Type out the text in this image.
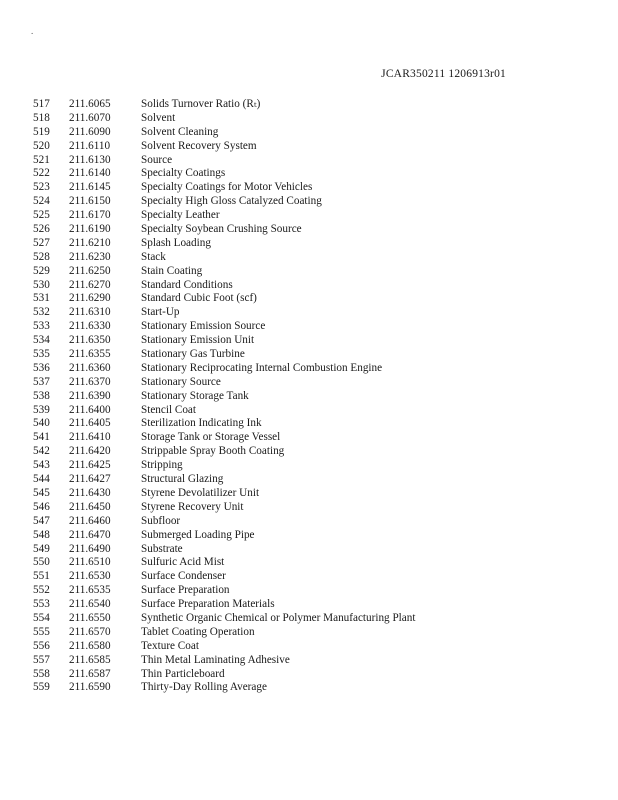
.
JCAR350211 1206913r01
517 211.6065	Solids Turnover Ratio (Rₜ)
518 211.6070	Solvent
519 211.6090	Solvent Cleaning
520 211.6110	Solvent Recovery System
521 211.6130	Source
522 211.6140	Specialty Coatings
523 211.6145	Specialty Coatings for Motor Vehicles
524 211.6150	Specialty High Gloss Catalyzed Coating
525 211.6170	Specialty Leather
526 211.6190	Specialty Soybean Crushing Source
527 211.6210	Splash Loading
528 211.6230	Stack
529 211.6250	Stain Coating
530 211.6270	Standard Conditions
531 211.6290	Standard Cubic Foot (scf)
532 211.6310	Start-Up
533 211.6330	Stationary Emission Source
534 211.6350	Stationary Emission Unit
535 211.6355	Stationary Gas Turbine
536 211.6360	Stationary Reciprocating Internal Combustion Engine
537 211.6370	Stationary Source
538 211.6390	Stationary Storage Tank
539 211.6400	Stencil Coat
540 211.6405	Sterilization Indicating Ink
541 211.6410	Storage Tank or Storage Vessel
542 211.6420	Strippable Spray Booth Coating
543 211.6425	Stripping
544 211.6427	Structural Glazing
545 211.6430	Styrene Devolatilizer Unit
546 211.6450	Styrene Recovery Unit
547 211.6460	Subfloor
548 211.6470	Submerged Loading Pipe
549 211.6490	Substrate
550 211.6510	Sulfuric Acid Mist
551 211.6530	Surface Condenser
552 211.6535	Surface Preparation
553 211.6540	Surface Preparation Materials
554 211.6550	Synthetic Organic Chemical or Polymer Manufacturing Plant
555 211.6570	Tablet Coating Operation
556 211.6580	Texture Coat
557 211.6585	Thin Metal Laminating Adhesive
558 211.6587	Thin Particleboard
559 211.6590	Thirty-Day Rolling Average
